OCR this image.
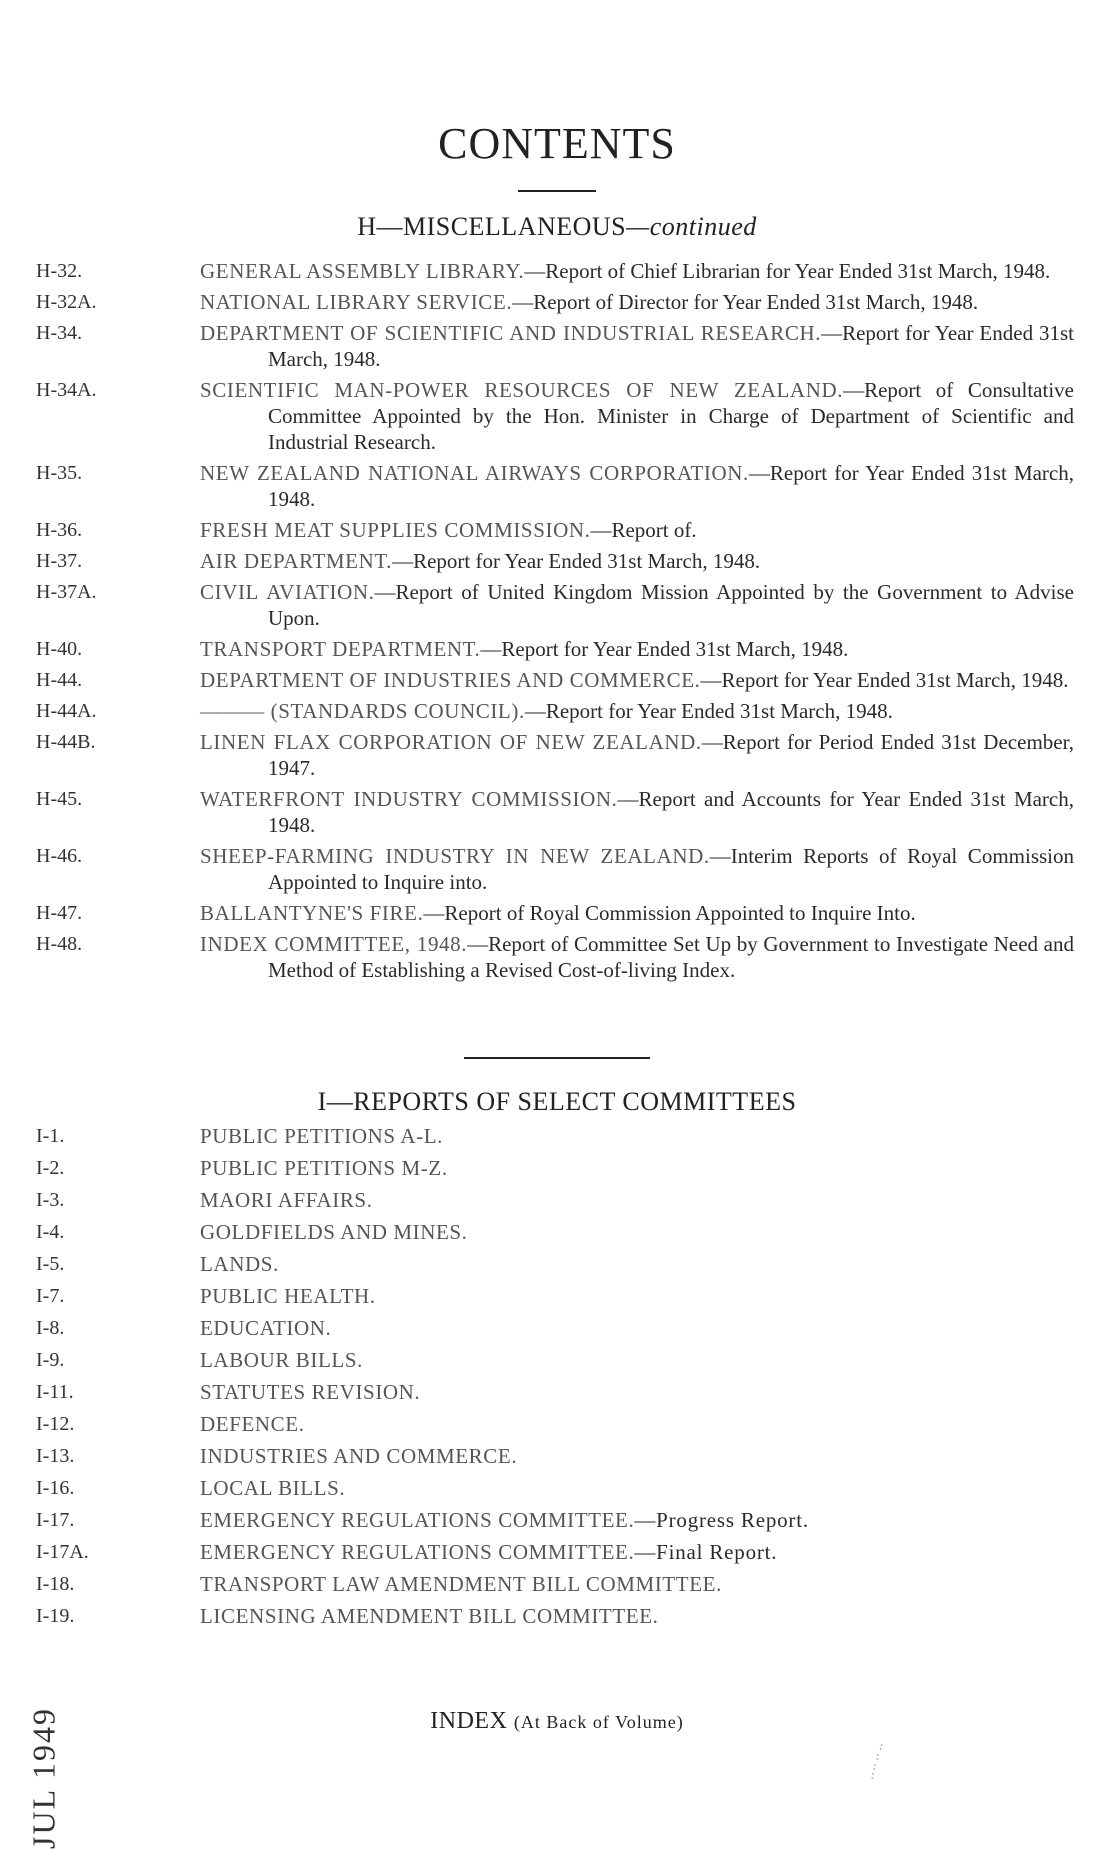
CONTENTS
H—MISCELLANEOUS—continued
H-32.	GENERAL ASSEMBLY LIBRARY.—Report of Chief Librarian for Year Ended 31st March, 1948.
H-32A.	NATIONAL LIBRARY SERVICE.—Report of Director for Year Ended 31st March, 1948.
H-34.	DEPARTMENT OF SCIENTIFIC AND INDUSTRIAL RESEARCH.—Report for Year Ended 31st March, 1948.
H-34A.	SCIENTIFIC MAN-POWER RESOURCES OF NEW ZEALAND.—Report of Consultative Committee Appointed by the Hon. Minister in Charge of Department of Scientific and Industrial Research.
H-35.	NEW ZEALAND NATIONAL AIRWAYS CORPORATION.—Report for Year Ended 31st March, 1948.
H-36.	FRESH MEAT SUPPLIES COMMISSION.—Report of.
H-37.	AIR DEPARTMENT.—Report for Year Ended 31st March, 1948.
H-37A.	CIVIL AVIATION.—Report of United Kingdom Mission Appointed by the Government to Advise Upon.
H-40.	TRANSPORT DEPARTMENT.—Report for Year Ended 31st March, 1948.
H-44.	DEPARTMENT OF INDUSTRIES AND COMMERCE.—Report for Year Ended 31st March, 1948.
H-44A.	——— (STANDARDS COUNCIL).—Report for Year Ended 31st March, 1948.
H-44B.	LINEN FLAX CORPORATION OF NEW ZEALAND.—Report for Period Ended 31st December, 1947.
H-45.	WATERFRONT INDUSTRY COMMISSION.—Report and Accounts for Year Ended 31st March, 1948.
H-46.	SHEEP-FARMING INDUSTRY IN NEW ZEALAND.—Interim Reports of Royal Commission Appointed to Inquire into.
H-47.	BALLANTYNE'S FIRE.—Report of Royal Commission Appointed to Inquire Into.
H-48.	INDEX COMMITTEE, 1948.—Report of Committee Set Up by Government to Investigate Need and Method of Establishing a Revised Cost-of-living Index.
I—REPORTS OF SELECT COMMITTEES
I-1.	PUBLIC PETITIONS A-L.
I-2.	PUBLIC PETITIONS M-Z.
I-3.	MAORI AFFAIRS.
I-4.	GOLDFIELDS AND MINES.
I-5.	LANDS.
I-7.	PUBLIC HEALTH.
I-8.	EDUCATION.
I-9.	LABOUR BILLS.
I-11.	STATUTES REVISION.
I-12.	DEFENCE.
I-13.	INDUSTRIES AND COMMERCE.
I-16.	LOCAL BILLS.
I-17.	EMERGENCY REGULATIONS COMMITTEE.—Progress Report.
I-17A.	EMERGENCY REGULATIONS COMMITTEE.—Final Report.
I-18.	TRANSPORT LAW AMENDMENT BILL COMMITTEE.
I-19.	LICENSING AMENDMENT BILL COMMITTEE.
INDEX (At Back of Volume)
JUL 1949
